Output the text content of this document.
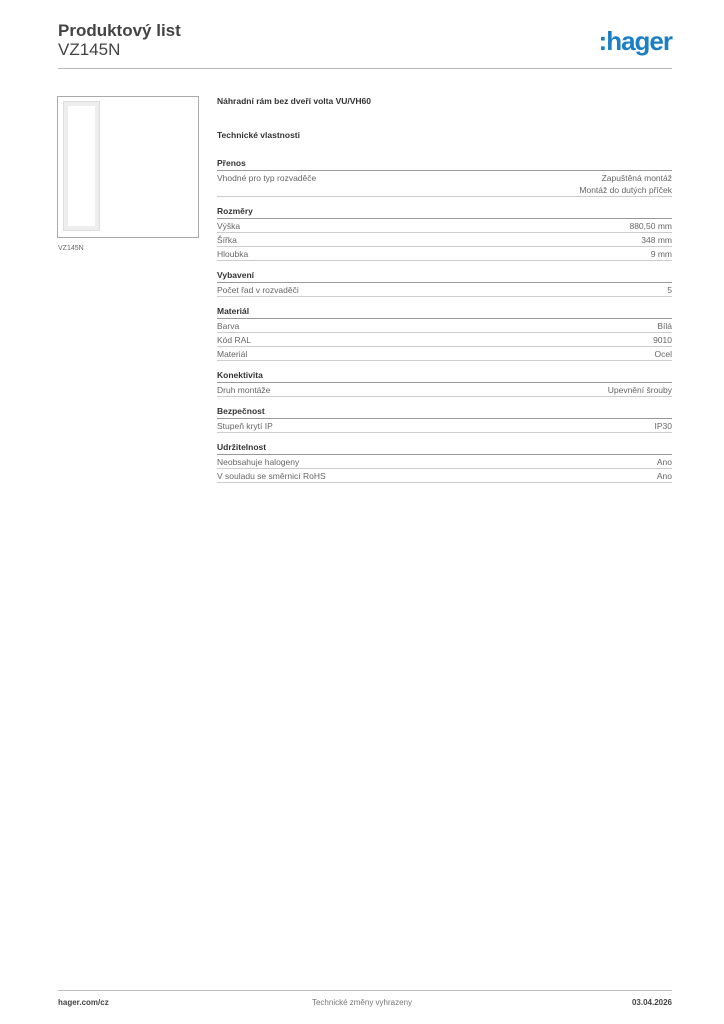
Produktový list
VZ145N	:hager
VZ145N
Náhradní rám bez dveří volta VU/VH60
Technické vlastnosti
Přenos
Vhodné pro typ rozvaděče	Zapuštěná montáž
Montáž do dutých příček
Rozměry
Výška	880,50 mm
Šířka	348 mm
Hloubka	9 mm
Vybavení
Počet řad v rozvaděči	5
Materiál
Barva	Bílá
Kód RAL	9010
Materiál	Ocel
Konektivita
Druh montáže	Upevnění šrouby
Bezpečnost
Stupeň krytí IP	IP30
Udržitelnost
Neobsahuje halogeny	Ano
V souladu se směrnicí RoHS	Ano
hager.com/cz	Technické změny vyhrazeny	03.04.2026
